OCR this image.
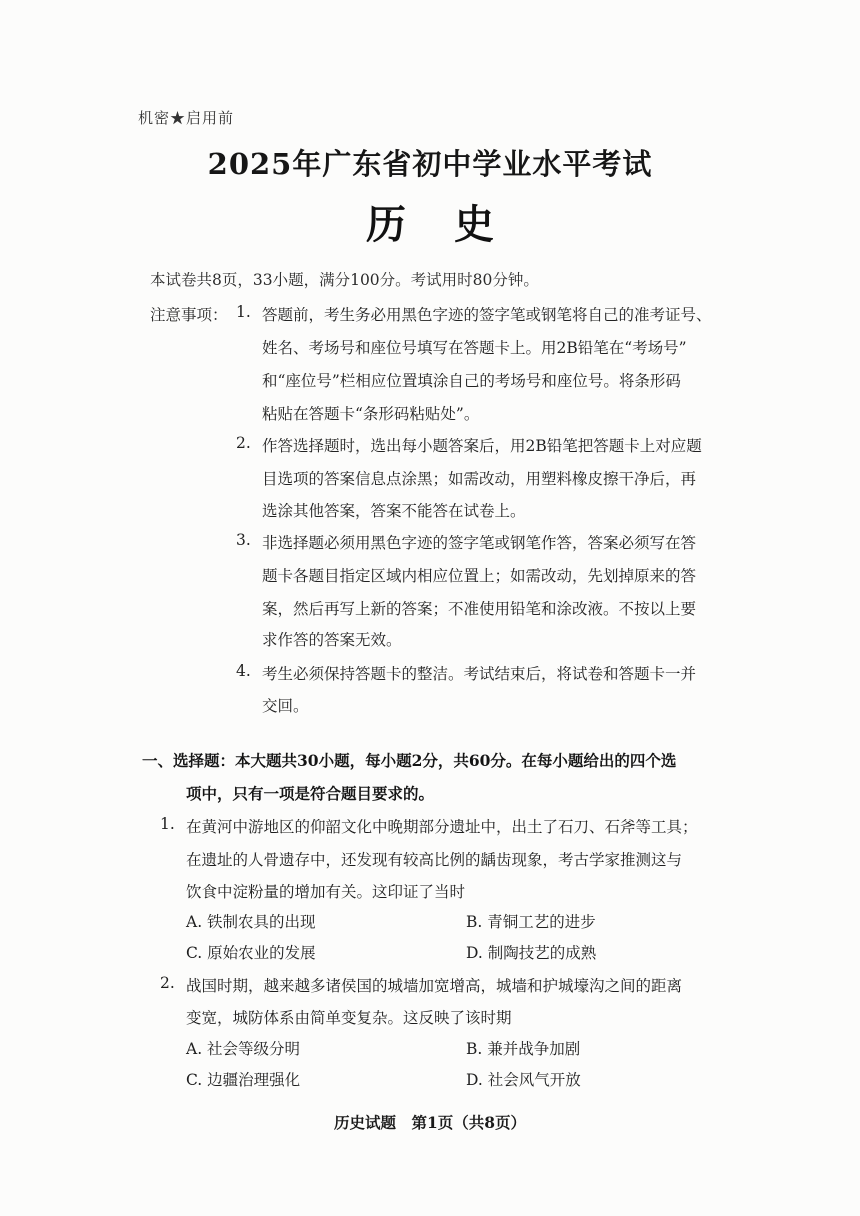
机密★启用前
2025年广东省初中学业水平考试
历史
本试卷共8页，33小题，满分100分。考试用时80分钟。
注意事项： 1. 答题前，考生务必用黑色字迹的签字笔或钢笔将自己的准考证号、
姓名、考场号和座位号填写在答题卡上。用2B铅笔在“考场号”
和“座位号”栏相应位置填涂自己的考场号和座位号。将条形码
粘贴在答题卡“条形码粘贴处”。
2. 作答选择题时，选出每小题答案后，用2B铅笔把答题卡上对应题
目选项的答案信息点涂黑；如需改动，用塑料橡皮擦干净后，再
选涂其他答案，答案不能答在试卷上。
3. 非选择题必须用黑色字迹的签字笔或钢笔作答，答案必须写在答
题卡各题目指定区域内相应位置上；如需改动，先划掉原来的答
案，然后再写上新的答案；不准使用铅笔和涂改液。不按以上要
求作答的答案无效。
4. 考生必须保持答题卡的整洁。考试结束后，将试卷和答题卡一并
交回。
一、选择题：本大题共30小题，每小题2分，共60分。在每小题给出的四个选
项中，只有一项是符合题目要求的。
1. 在黄河中游地区的仰韶文化中晚期部分遗址中，出土了石刀、石斧等工具；
在遗址的人骨遗存中，还发现有较高比例的龋齿现象，考古学家推测这与
饮食中淀粉量的增加有关。这印证了当时
A. 铁制农具的出现	B. 青铜工艺的进步
C. 原始农业的发展	D. 制陶技艺的成熟
2. 战国时期，越来越多诸侯国的城墙加宽增高，城墙和护城壕沟之间的距离
变宽，城防体系由简单变复杂。这反映了该时期
A. 社会等级分明	B. 兼并战争加剧
C. 边疆治理强化	D. 社会风气开放
历史试题　第1页（共8页）
